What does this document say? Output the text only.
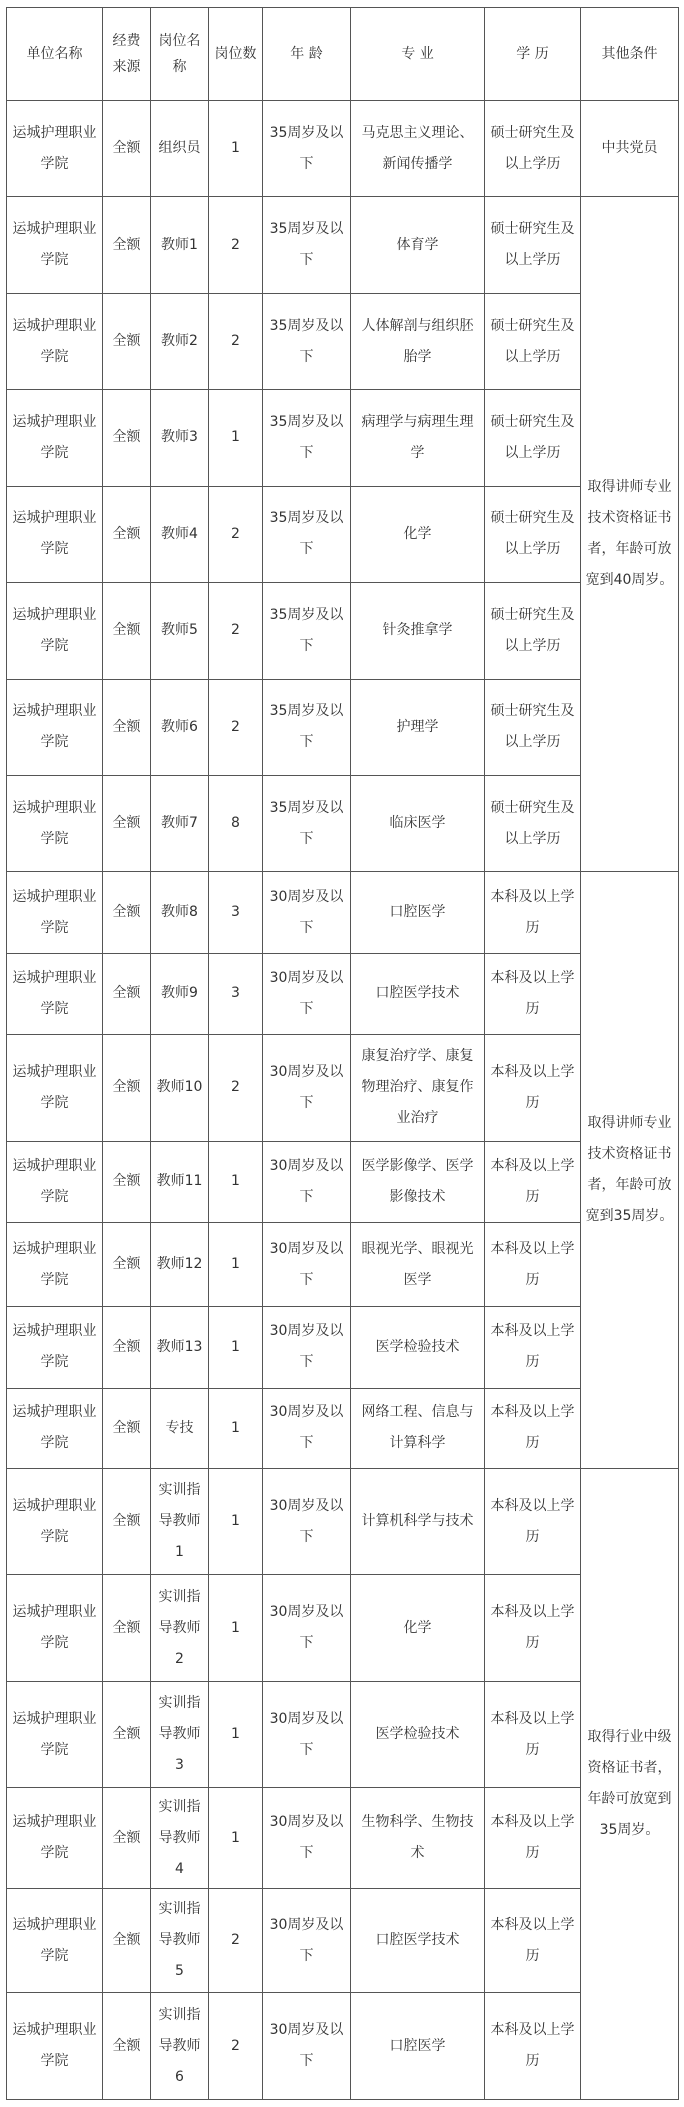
单位名称	经费来源	岗位名称	岗位数	年 龄	专 业	学 历	其他条件
运城护理职业学院	全额	组织员	1	35周岁及以下	马克思主义理论、新闻传播学	硕士研究生及以上学历	中共党员
运城护理职业学院	全额	教师1	2	35周岁及以下	体育学	硕士研究生及以上学历	取得讲师专业技术资格证书者，年龄可放宽到40周岁。
运城护理职业学院	全额	教师2	2	35周岁及以下	人体解剖与组织胚胎学	硕士研究生及以上学历	
运城护理职业学院	全额	教师3	1	35周岁及以下	病理学与病理生理学	硕士研究生及以上学历	
运城护理职业学院	全额	教师4	2	35周岁及以下	化学	硕士研究生及以上学历	
运城护理职业学院	全额	教师5	2	35周岁及以下	针灸推拿学	硕士研究生及以上学历	
运城护理职业学院	全额	教师6	2	35周岁及以下	护理学	硕士研究生及以上学历	
运城护理职业学院	全额	教师7	8	35周岁及以下	临床医学	硕士研究生及以上学历	
运城护理职业学院	全额	教师8	3	30周岁及以下	口腔医学	本科及以上学历	取得讲师专业技术资格证书者，年龄可放宽到35周岁。
运城护理职业学院	全额	教师9	3	30周岁及以下	口腔医学技术	本科及以上学历	
运城护理职业学院	全额	教师10	2	30周岁及以下	康复治疗学、康复物理治疗、康复作业治疗	本科及以上学历	
运城护理职业学院	全额	教师11	1	30周岁及以下	医学影像学、医学影像技术	本科及以上学历	
运城护理职业学院	全额	教师12	1	30周岁及以下	眼视光学、眼视光医学	本科及以上学历	
运城护理职业学院	全额	教师13	1	30周岁及以下	医学检验技术	本科及以上学历	
运城护理职业学院	全额	专技	1	30周岁及以下	网络工程、信息与计算科学	本科及以上学历	
运城护理职业学院	全额	实训指导教师1	1	30周岁及以下	计算机科学与技术	本科及以上学历	取得行业中级资格证书者，年龄可放宽到35周岁。
运城护理职业学院	全额	实训指导教师2	1	30周岁及以下	化学	本科及以上学历	
运城护理职业学院	全额	实训指导教师3	1	30周岁及以下	医学检验技术	本科及以上学历	
运城护理职业学院	全额	实训指导教师4	1	30周岁及以下	生物科学、生物技术	本科及以上学历	
运城护理职业学院	全额	实训指导教师5	2	30周岁及以下	口腔医学技术	本科及以上学历	
运城护理职业学院	全额	实训指导教师6	2	30周岁及以下	口腔医学	本科及以上学历	
